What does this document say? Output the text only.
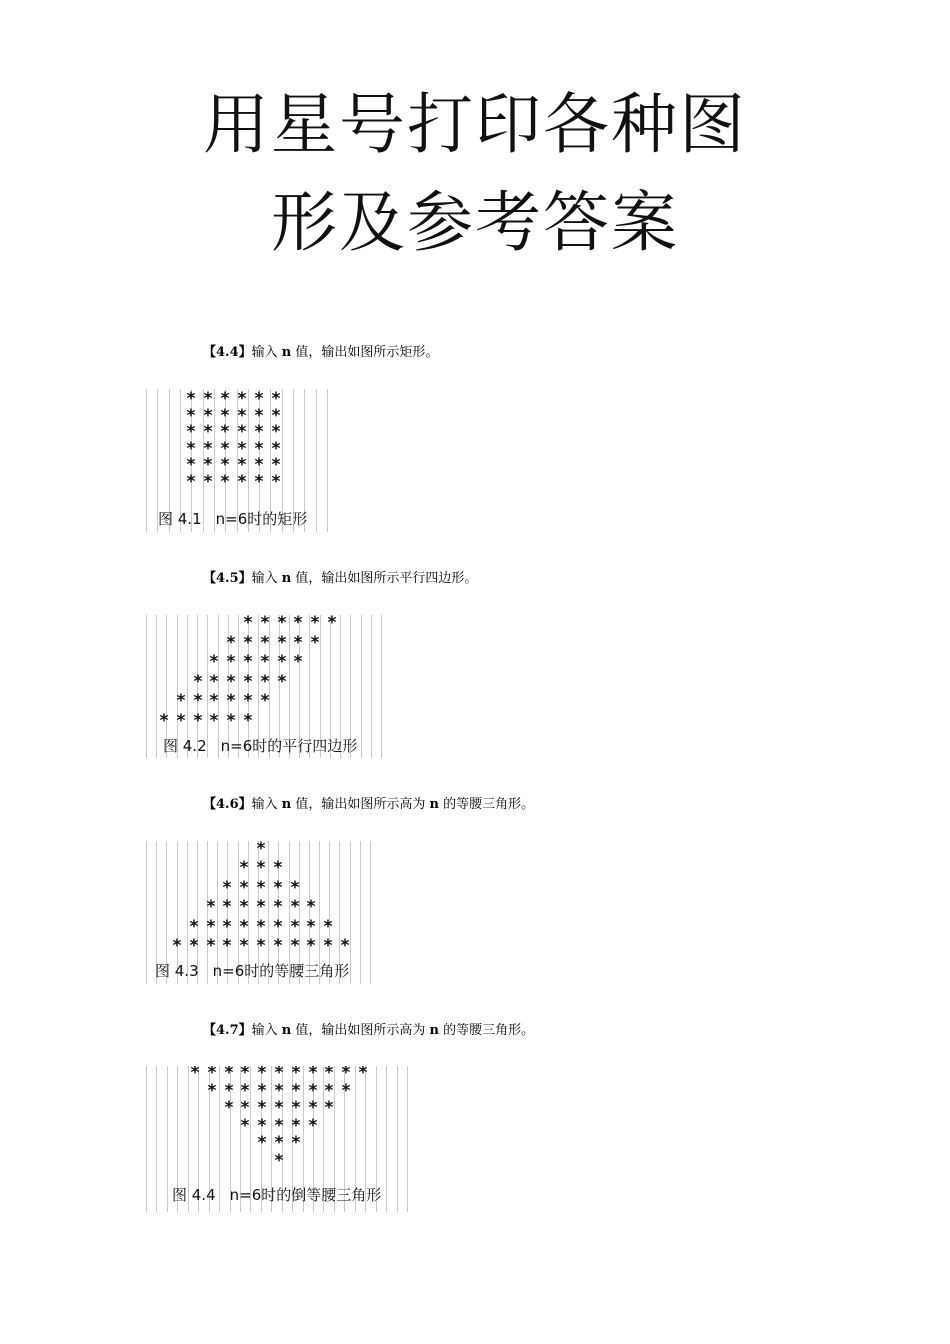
用星号打印各种图
形及参考答案
【4.4】输入 n 值，输出如图所示矩形。
图 4.1 n=6时的矩形
* * * * * *
* * * * * *
* * * * * *
* * * * * *
* * * * * *
* * * * * *
【4.5】输入 n 值，输出如图所示平行四边形。
图 4.2 n=6时的平行四边形
* * * * * *
* * * * * *
* * * * * *
* * * * * *
* * * * * *
* * * * * *
【4.6】输入 n 值，输出如图所示高为 n 的等腰三角形。
图 4.3 n=6时的等腰三角形
*
* * *
* * * * *
* * * * * * *
* * * * * * * * *
* * * * * * * * * * *
【4.7】输入 n 值，输出如图所示高为 n 的等腰三角形。
图 4.4 n=6时的倒等腰三角形
* * * * * * * * * * *
* * * * * * * * *
* * * * * * *
* * * * *
* * *
*
